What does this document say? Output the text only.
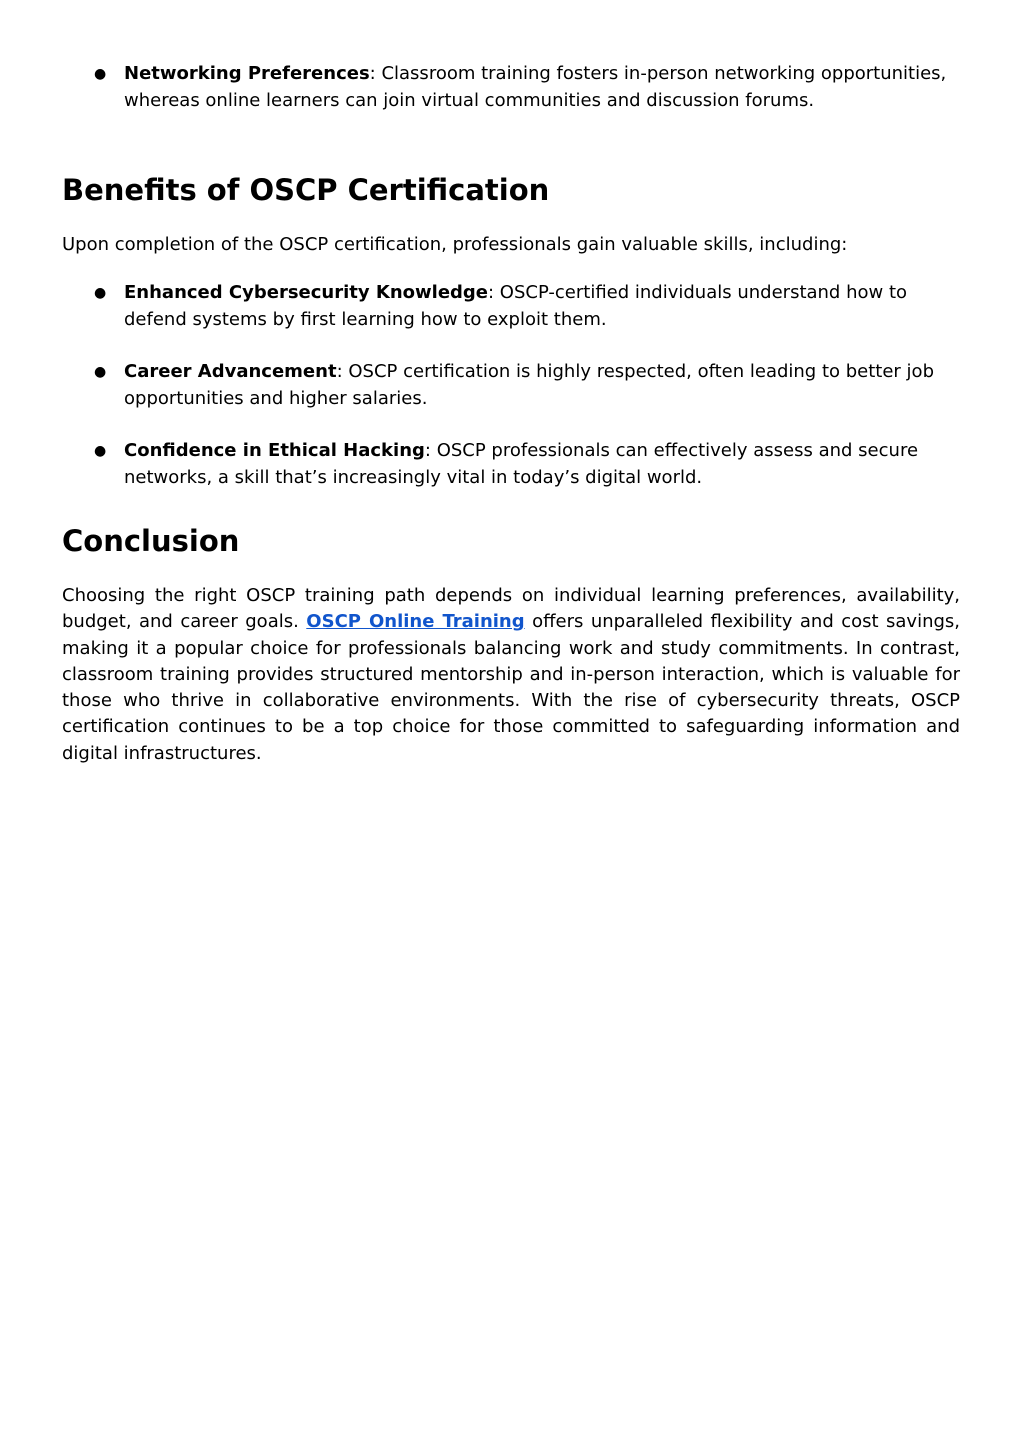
● Networking Preferences: Classroom training fosters in-person networking opportunities, whereas online learners can join virtual communities and discussion forums.
Benefits of OSCP Certification

Upon completion of the OSCP certification, professionals gain valuable skills, including:

● Enhanced Cybersecurity Knowledge: OSCP-certified individuals understand how to defend systems by first learning how to exploit them.
● Career Advancement: OSCP certification is highly respected, often leading to better job opportunities and higher salaries.
● Confidence in Ethical Hacking: OSCP professionals can effectively assess and secure networks, a skill that’s increasingly vital in today’s digital world.
Conclusion

Choosing the right OSCP training path depends on individual learning preferences, availability, budget, and career goals. OSCP Online Training offers unparalleled flexibility and cost savings, making it a popular choice for professionals balancing work and study commitments. In contrast, classroom training provides structured mentorship and in-person interaction, which is valuable for those who thrive in collaborative environments. With the rise of cybersecurity threats, OSCP certification continues to be a top choice for those committed to safeguarding information and digital infrastructures.
